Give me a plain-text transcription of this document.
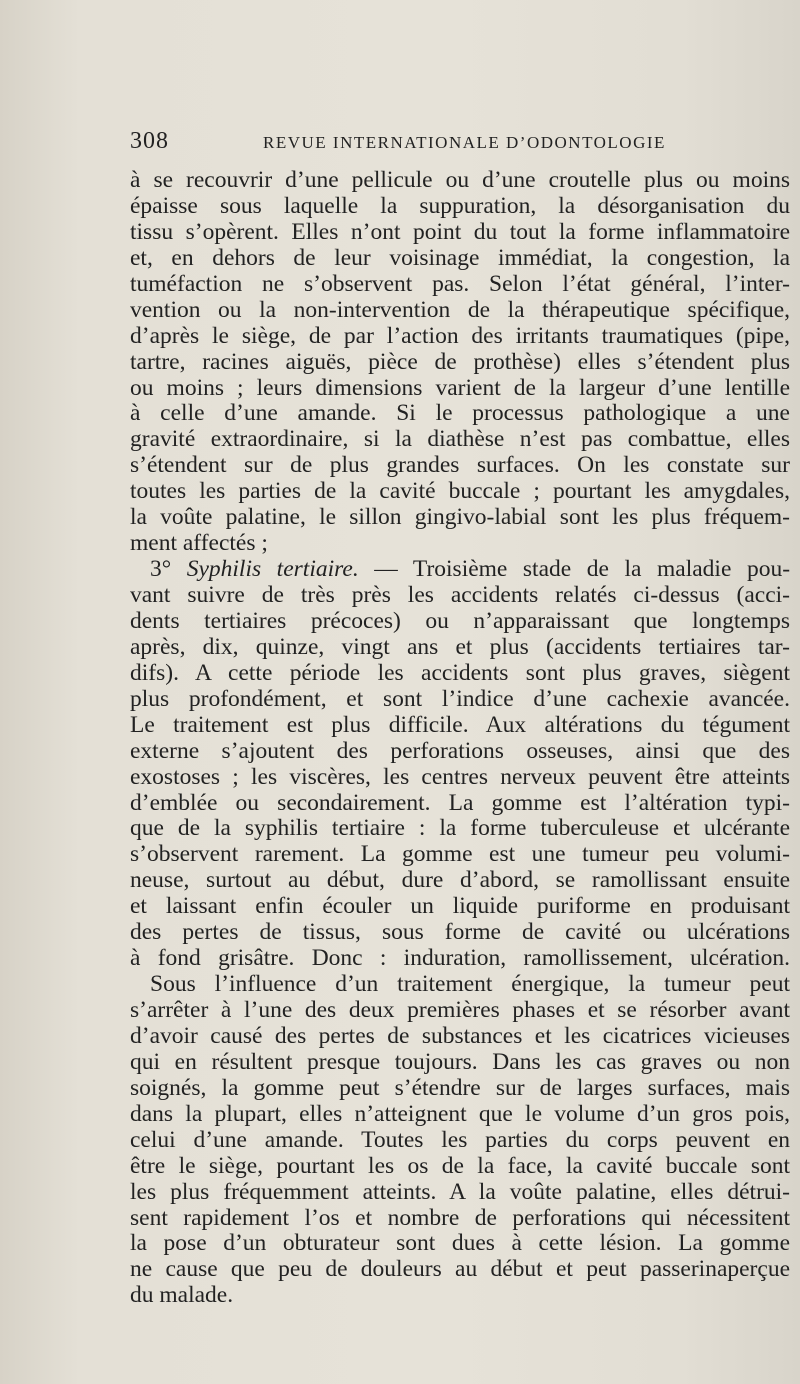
308	REVUE INTERNATIONALE D’ODONTOLOGIE
à se recouvrir d’une pellicule ou d’une croutelle plus ou moins
épaisse sous laquelle la suppuration, la désorganisation du
tissu s’opèrent. Elles n’ont point du tout la forme inflammatoire
et, en dehors de leur voisinage immédiat, la congestion, la
tuméfaction ne s’observent pas. Selon l’état général, l’inter-
vention ou la non-intervention de la thérapeutique spécifique,
d’après le siège, de par l’action des irritants traumatiques (pipe,
tartre, racines aiguës, pièce de prothèse) elles s’étendent plus
ou moins ; leurs dimensions varient de la largeur d’une lentille
à celle d’une amande. Si le processus pathologique a une
gravité extraordinaire, si la diathèse n’est pas combattue, elles
s’étendent sur de plus grandes surfaces. On les constate sur
toutes les parties de la cavité buccale ; pourtant les amygdales,
la voûte palatine, le sillon gingivo-labial sont les plus fréquem-
ment affectés ;
3° Syphilis tertiaire. — Troisième stade de la maladie pou-
vant suivre de très près les accidents relatés ci-dessus (acci-
dents tertiaires précoces) ou n’apparaissant que longtemps
après, dix, quinze, vingt ans et plus (accidents tertiaires tar-
difs). A cette période les accidents sont plus graves, siègent
plus profondément, et sont l’indice d’une cachexie avancée.
Le traitement est plus difficile. Aux altérations du tégument
externe s’ajoutent des perforations osseuses, ainsi que des
exostoses ; les viscères, les centres nerveux peuvent être atteints
d’emblée ou secondairement. La gomme est l’altération typi-
que de la syphilis tertiaire : la forme tuberculeuse et ulcérante
s’observent rarement. La gomme est une tumeur peu volumi-
neuse, surtout au début, dure d’abord, se ramollissant ensuite
et laissant enfin écouler un liquide puriforme en produisant
des pertes de tissus, sous forme de cavité ou ulcérations
à fond grisâtre. Donc : induration, ramollissement, ulcération.
Sous l’influence d’un traitement énergique, la tumeur peut
s’arrêter à l’une des deux premières phases et se résorber avant
d’avoir causé des pertes de substances et les cicatrices vicieuses
qui en résultent presque toujours. Dans les cas graves ou non
soignés, la gomme peut s’étendre sur de larges surfaces, mais
dans la plupart, elles n’atteignent que le volume d’un gros pois,
celui d’une amande. Toutes les parties du corps peuvent en
être le siège, pourtant les os de la face, la cavité buccale sont
les plus fréquemment atteints. A la voûte palatine, elles détrui-
sent rapidement l’os et nombre de perforations qui nécessitent
la pose d’un obturateur sont dues à cette lésion. La gomme
ne cause que peu de douleurs au début et peut passerinaperçue
du malade.
